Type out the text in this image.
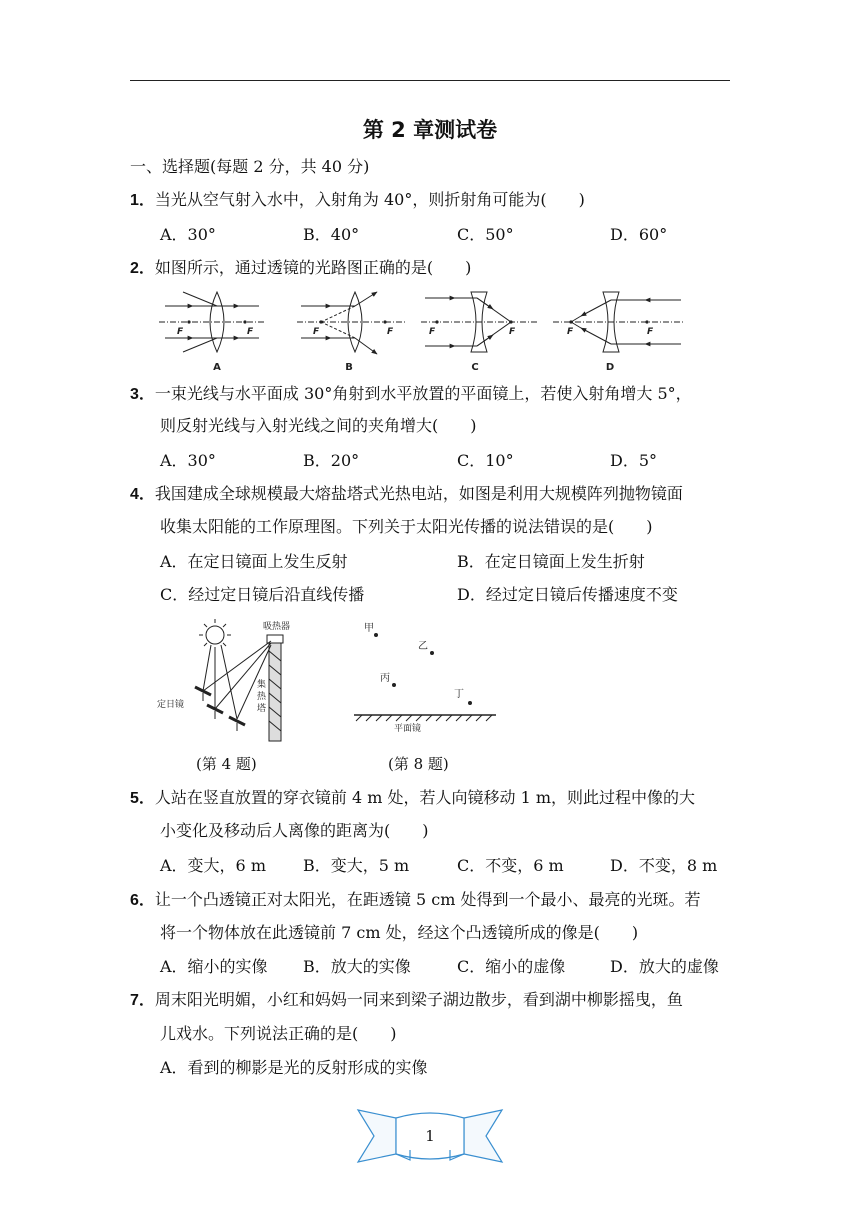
第 2 章测试卷
一、选择题(每题 2 分，共 40 分)
1．当光从空气射入水中，入射角为 40°，则折射角可能为(　　)
A．30°	B．40°	C．50°	D．60°
2．如图所示，通过透镜的光路图正确的是(　　)
F	F	F	F	F	F	F	F
A	B	C	D
3．一束光线与水平面成 30°角射到水平放置的平面镜上，若使入射角增大 5°，
则反射光线与入射光线之间的夹角增大(　　)
A．30°	B．20°	C．10°	D．5°
4．我国建成全球规模最大熔盐塔式光热电站，如图是利用大规模阵列抛物镜面
收集太阳能的工作原理图。下列关于太阳光传播的说法错误的是(　　)
A．在定日镜面上发生反射	B．在定日镜面上发生折射
C．经过定日镜后沿直线传播	D．经过定日镜后传播速度不变
吸热器
定日镜
集
热
塔
(第 4 题)
甲
乙
丙
丁
平面镜
(第 8 题)
5．人站在竖直放置的穿衣镜前 4 m 处，若人向镜移动 1 m，则此过程中像的大
小变化及移动后人离像的距离为(　　)
A．变大，6 m B．变大，5 m	C．不变，6 m	D．不变，8 m
6．让一个凸透镜正对太阳光，在距透镜 5 cm 处得到一个最小、最亮的光斑。若
将一个物体放在此透镜前 7 cm 处，经这个凸透镜所成的像是(　　)
A．缩小的实像 B．放大的实像	C．缩小的虚像	D．放大的虚像
7．周末阳光明媚，小红和妈妈一同来到梁子湖边散步，看到湖中柳影摇曳，鱼
儿戏水。下列说法正确的是(　　)
A．看到的柳影是光的反射形成的实像
1
